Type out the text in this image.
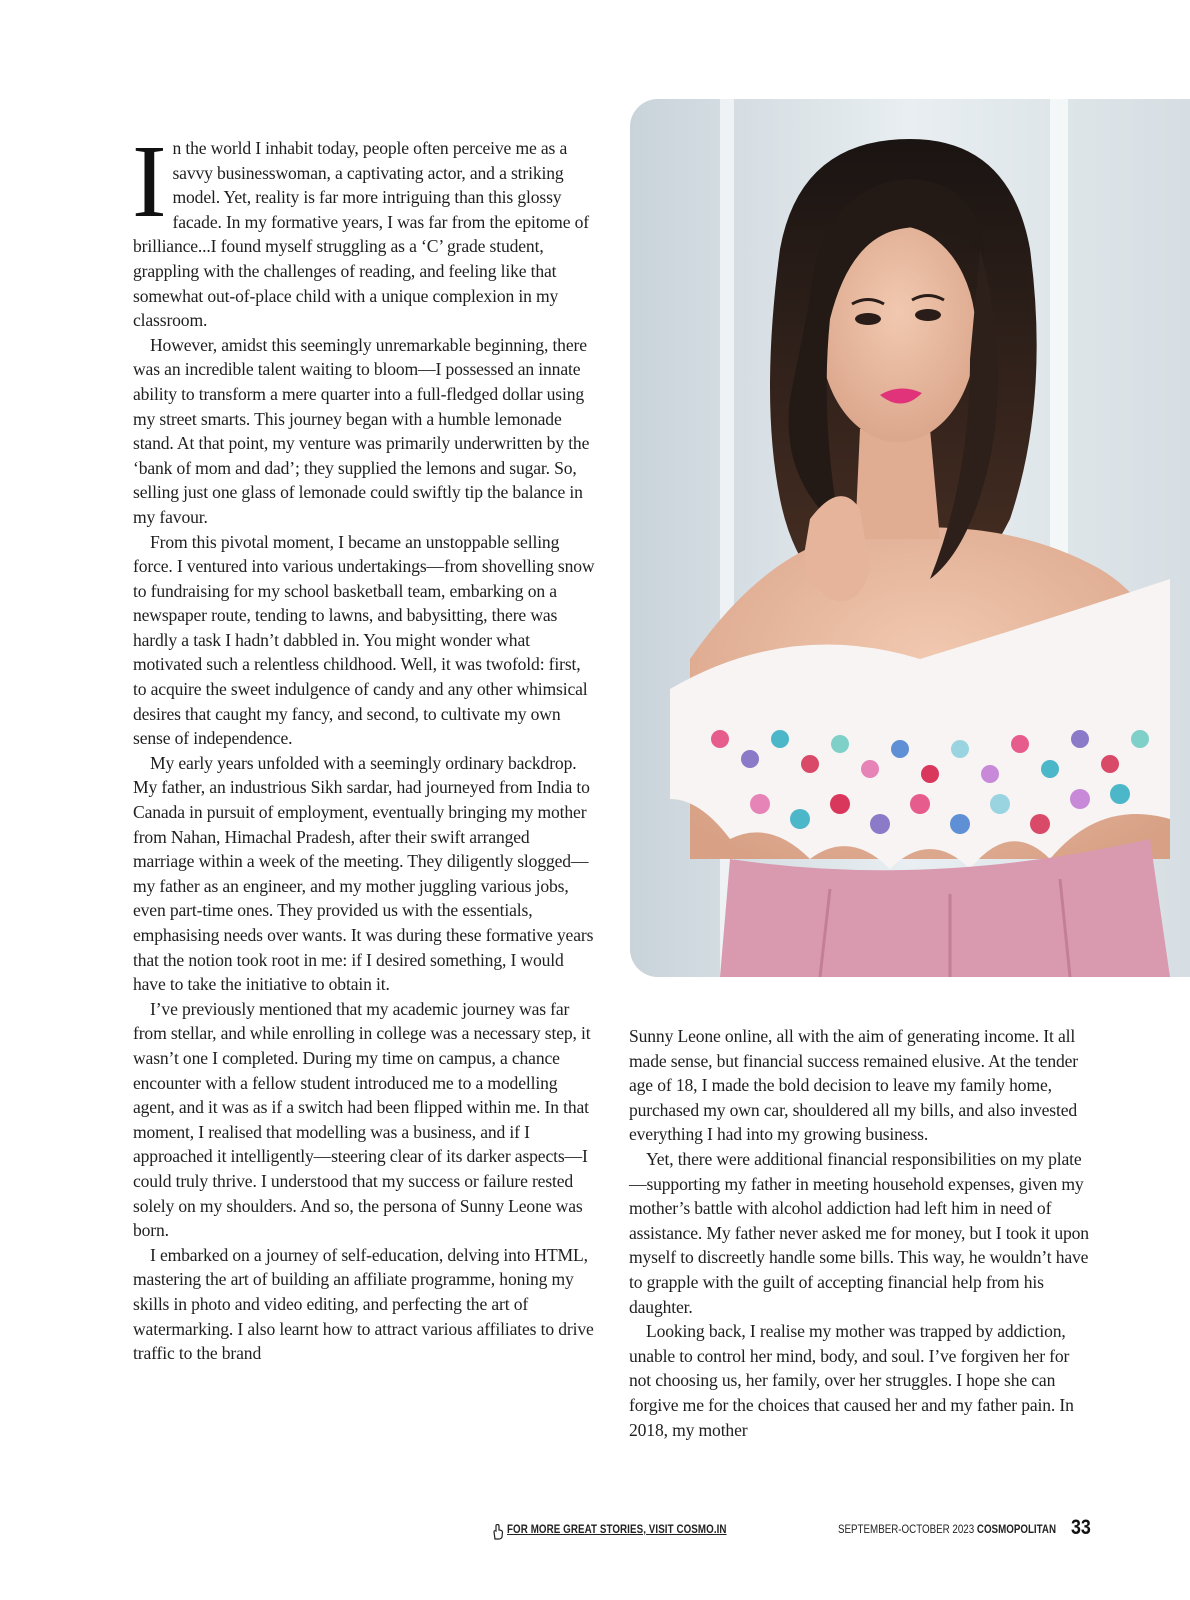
In the world I inhabit today, people often perceive me as a savvy businesswoman, a captivating actor, and a striking model. Yet, reality is far more intriguing than this glossy facade. In my formative years, I was far from the epitome of brilliance...I found myself struggling as a ‘C’ grade student, grappling with the challenges of reading, and feeling like that somewhat out-of-place child with a unique complexion in my classroom.

However, amidst this seemingly unremarkable beginning, there was an incredible talent waiting to bloom—I possessed an innate ability to transform a mere quarter into a full-fledged dollar using my street smarts. This journey began with a humble lemonade stand. At that point, my venture was primarily underwritten by the ‘bank of mom and dad’; they supplied the lemons and sugar. So, selling just one glass of lemonade could swiftly tip the balance in my favour.

From this pivotal moment, I became an unstoppable selling force. I ventured into various undertakings—from shovelling snow to fundraising for my school basketball team, embarking on a newspaper route, tending to lawns, and babysitting, there was hardly a task I hadn’t dabbled in. You might wonder what motivated such a relentless childhood. Well, it was twofold: first, to acquire the sweet indulgence of candy and any other whimsical desires that caught my fancy, and second, to cultivate my own sense of independence.

My early years unfolded with a seemingly ordinary backdrop. My father, an industrious Sikh sardar, had journeyed from India to Canada in pursuit of employment, eventually bringing my mother from Nahan, Himachal Pradesh, after their swift arranged marriage within a week of the meeting. They diligently slogged—my father as an engineer, and my mother juggling various jobs, even part-time ones. They provided us with the essentials, emphasising needs over wants. It was during these formative years that the notion took root in me: if I desired something, I would have to take the initiative to obtain it.

I’ve previously mentioned that my academic journey was far from stellar, and while enrolling in college was a necessary step, it wasn’t one I completed. During my time on campus, a chance encounter with a fellow student introduced me to a modelling agent, and it was as if a switch had been flipped within me. In that moment, I realised that modelling was a business, and if I approached it intelligently—steering clear of its darker aspects—I could truly thrive. I understood that my success or failure rested solely on my shoulders. And so, the persona of Sunny Leone was born.

I embarked on a journey of self-education, delving into HTML, mastering the art of building an affiliate programme, honing my skills in photo and video editing, and perfecting the art of watermarking. I also learnt how to attract various affiliates to drive traffic to the brand

Sunny Leone online, all with the aim of generating income. It all made sense, but financial success remained elusive. At the tender age of 18, I made the bold decision to leave my family home, purchased my own car, shouldered all my bills, and also invested everything I had into my growing business.

Yet, there were additional financial responsibilities on my plate—supporting my father in meeting household expenses, given my mother’s battle with alcohol addiction had left him in need of assistance. My father never asked me for money, but I took it upon myself to discreetly handle some bills. This way, he wouldn’t have to grapple with the guilt of accepting financial help from his daughter.

Looking back, I realise my mother was trapped by addiction, unable to control her mind, body, and soul. I’ve forgiven her for not choosing us, her family, over her struggles. I hope she can forgive me for the choices that caused her and my father pain. In 2018, my mother

FOR MORE GREAT STORIES, VISIT COSMO.IN	SEPTEMBER-OCTOBER 2023 COSMOPOLITAN 33
